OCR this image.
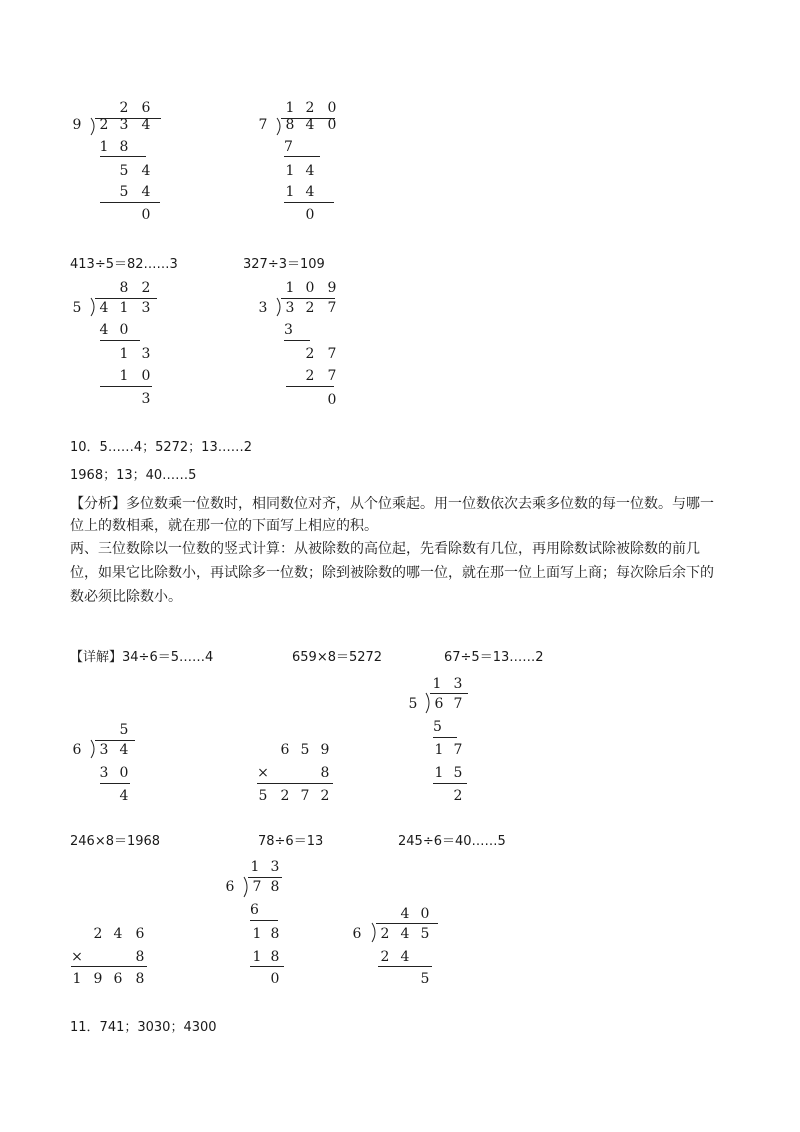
2 6
9 2 3 4
1 8
5 4
5 4
0
1 2 0
7 8 4 0
7
1 4
1 4
0

413÷5＝82……3

8 2
5 4 1 3
4 0
1 3
1 0
3

327÷3＝109

1 0 9
3 3 2 7
3
2 7
2 7
0

10．5……4；5272；13……2

1968；13；40……5

【分析】多位数乘一位数时，相同数位对齐，从个位乘起。用一位数依次去乘多位数的每一位数。与哪一

位上的数相乘，就在那一位的下面写上相应的积。

两、三位数除以一位数的竖式计算：从被除数的高位起，先看除数有几位，再用除数试除被除数的前几

位，如果它比除数小，再试除多一位数；除到被除数的哪一位，就在那一位上面写上商；每次除后余下的

数必须比除数小。

【详解】34÷6＝5……4	659×8＝5272	67÷5＝13……2

5
6 3 4
3 0
4
6 5 9
×	8
5 2 7 2
1 3
5 6 7
5
1 7
1 5
2

246×8＝1968	78÷6＝13	245÷6＝40……5

2 4 6
×	8
1 9 6 8
1 3
6 7 8
6
1 8
1 8
0
4 0
6 2 4 5
2 4
5

11．741；3030；4300
